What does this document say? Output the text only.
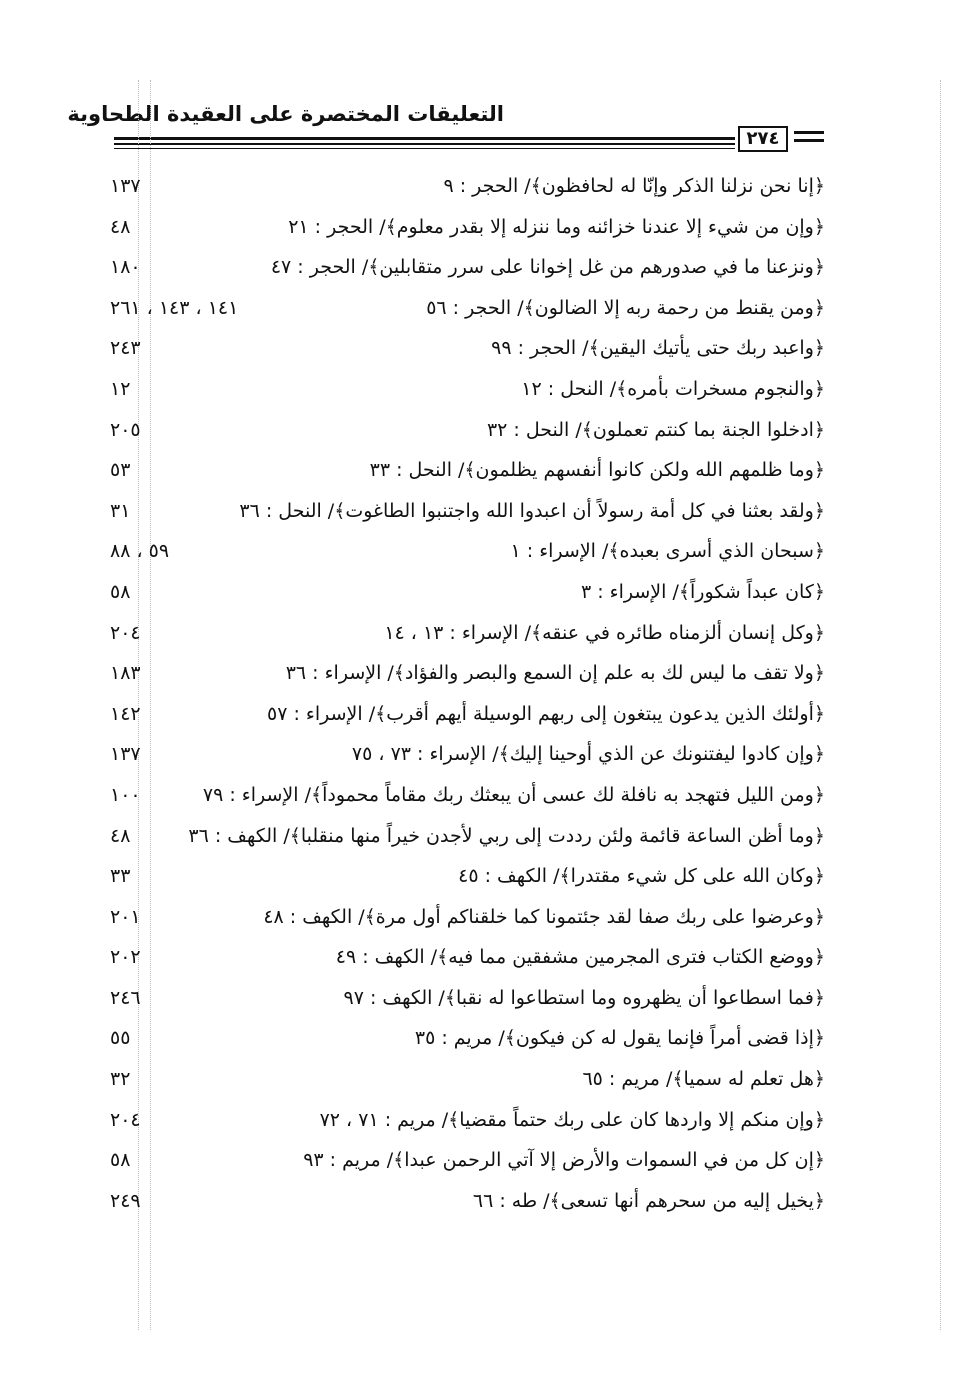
التعليقات المختصرة على العقيدة الطحاوية
٢٧٤
﴿إنا نحن نزلنا الذكر وإنّا له لحافظون﴾/ الحجر : ٩
١٣٧
﴿وإن من شيء إلا عندنا خزائنه وما ننزله إلا بقدر معلوم﴾/ الحجر : ٢١
٤٨
﴿ونزعنا ما في صدورهم من غل إخوانا على سرر متقابلين﴾/ الحجر : ٤٧
١٨٠
﴿ومن يقنط من رحمة ربه إلا الضالون﴾/ الحجر : ٥٦
١٤١ ، ١٤٣ ، ٢٦١
﴿واعبد ربك حتى يأتيك اليقين﴾/ الحجر : ٩٩
٢٤٣
﴿والنجوم مسخرات بأمره﴾/ النحل : ١٢
١٢
﴿ادخلوا الجنة بما كنتم تعملون﴾/ النحل : ٣٢
٢٠٥
﴿وما ظلمهم الله ولكن كانوا أنفسهم يظلمون﴾/ النحل : ٣٣
٥٣
﴿ولقد بعثنا في كل أمة رسولاً أن اعبدوا الله واجتنبوا الطاغوت﴾/ النحل : ٣٦
٣١
﴿سبحان الذي أسرى بعبده﴾/ الإسراء : ١
٥٩ ، ٨٨
﴿كان عبداً شكوراً﴾/ الإسراء : ٣
٥٨
﴿وكل إنسان ألزمناه طائره في عنقه﴾/ الإسراء : ١٣ ، ١٤
٢٠٤
﴿ولا تقف ما ليس لك به علم إن السمع والبصر والفؤاد﴾/ الإسراء : ٣٦
١٨٣
﴿أولئك الذين يدعون يبتغون إلى ربهم الوسيلة أيهم أقرب﴾/ الإسراء : ٥٧
١٤٢
﴿وإن كادوا ليفتنونك عن الذي أوحينا إليك﴾/ الإسراء : ٧٣ ، ٧٥
١٣٧
﴿ومن الليل فتهجد به نافلة لك عسى أن يبعثك ربك مقاماً محموداً﴾/ الإسراء : ٧٩
١٠٠
﴿وما أظن الساعة قائمة ولئن رددت إلى ربي لأجدن خيراً منها منقلبا﴾/ الكهف : ٣٦
٤٨
﴿وكان الله على كل شيء مقتدرا﴾/ الكهف : ٤٥
٣٣
﴿وعرضوا على ربك صفا لقد جئتمونا كما خلقناكم أول مرة﴾/ الكهف : ٤٨
٢٠١
﴿ووضع الكتاب فترى المجرمين مشفقين مما فيه﴾/ الكهف : ٤٩
٢٠٢
﴿فما اسطاعوا أن يظهروه وما استطاعوا له نقبا﴾/ الكهف : ٩٧
٢٤٦
﴿إذا قضى أمراً فإنما يقول له كن فيكون﴾/ مريم : ٣٥
٥٥
﴿هل تعلم له سميا﴾/ مريم : ٦٥
٣٢
﴿وإن منكم إلا واردها كان على ربك حتماً مقضيا﴾/ مريم : ٧١ ، ٧٢
٢٠٤
﴿إن كل من في السموات والأرض إلا آتي الرحمن عبدا﴾/ مريم : ٩٣
٥٨
﴿يخيل إليه من سحرهم أنها تسعى﴾/ طه : ٦٦
٢٤٩
